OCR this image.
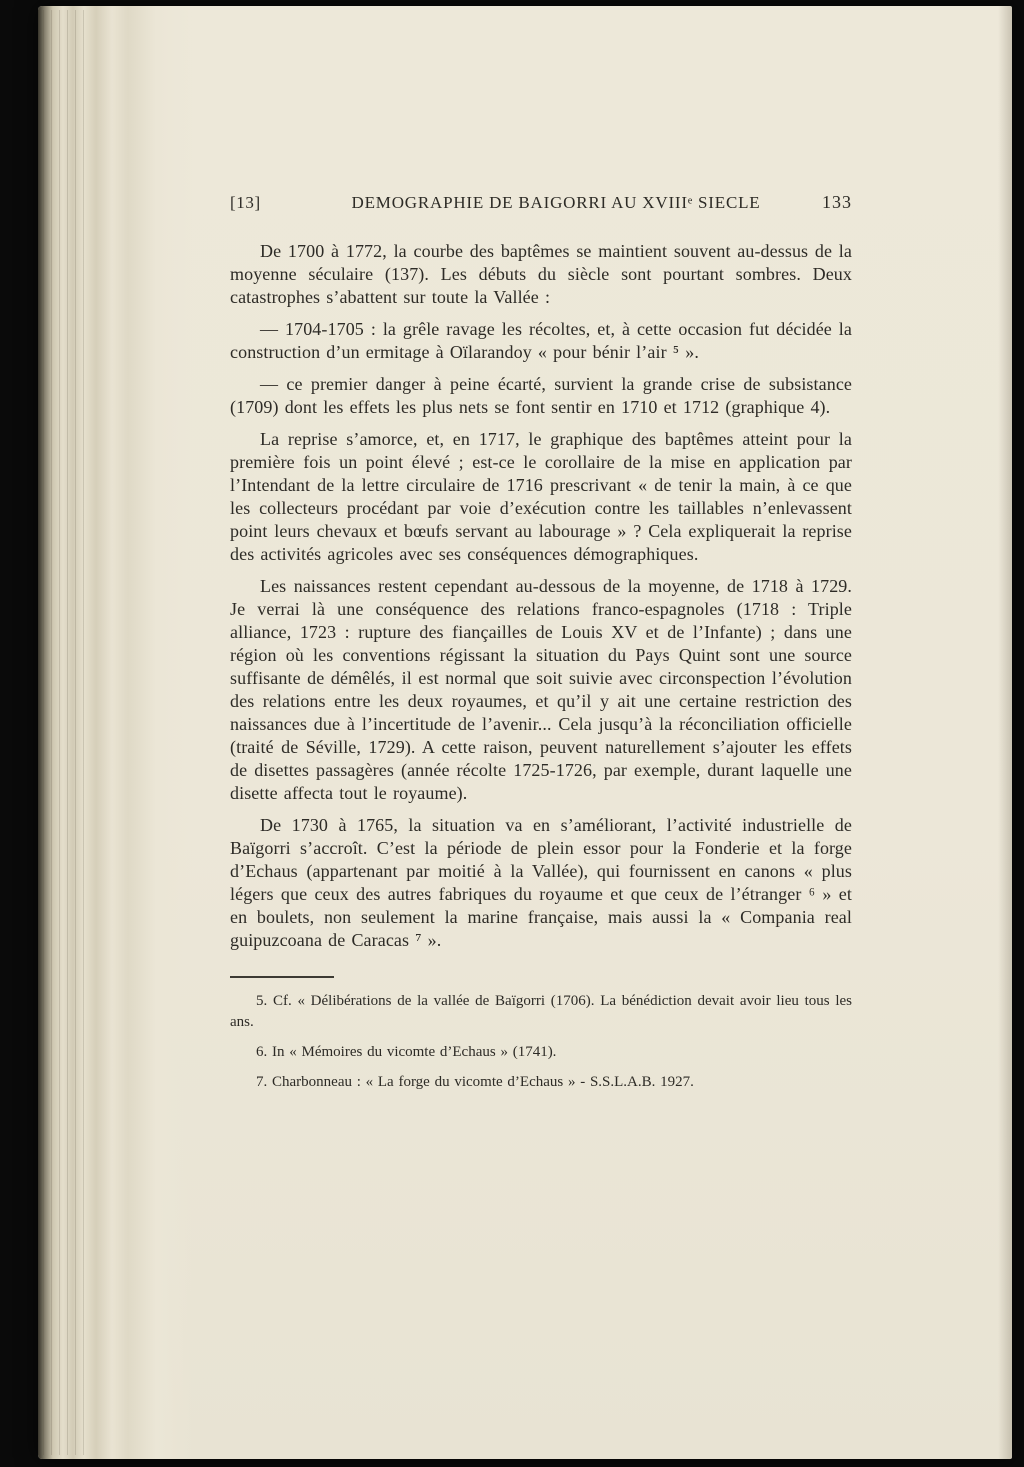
[13]	DEMOGRAPHIE DE BAIGORRI AU XVIIIᵉ SIECLE	133

De 1700 à 1772, la courbe des baptêmes se maintient souvent au-dessus de la moyenne séculaire (137). Les débuts du siècle sont pourtant sombres. Deux catastrophes s’abattent sur toute la Vallée :

— 1704-1705 : la grêle ravage les récoltes, et, à cette occasion fut décidée la construction d’un ermitage à Oïlarandoy « pour bénir l’air ⁵ ».

— ce premier danger à peine écarté, survient la grande crise de subsistance (1709) dont les effets les plus nets se font sentir en 1710 et 1712 (graphique 4).

La reprise s’amorce, et, en 1717, le graphique des baptêmes atteint pour la première fois un point élevé ; est-ce le corollaire de la mise en application par l’Intendant de la lettre circulaire de 1716 prescrivant « de tenir la main, à ce que les collecteurs procédant par voie d’exécution contre les taillables n’enlevassent point leurs chevaux et bœufs servant au labourage » ? Cela expliquerait la reprise des activités agricoles avec ses conséquences démographiques.

Les naissances restent cependant au-dessous de la moyenne, de 1718 à 1729. Je verrai là une conséquence des relations franco-espagnoles (1718 : Triple alliance, 1723 : rupture des fiançailles de Louis XV et de l’Infante) ; dans une région où les conventions régissant la situation du Pays Quint sont une source suffisante de démêlés, il est normal que soit suivie avec circonspection l’évolution des relations entre les deux royaumes, et qu’il y ait une certaine restriction des naissances due à l’incertitude de l’avenir... Cela jusqu’à la réconciliation officielle (traité de Séville, 1729). A cette raison, peuvent naturellement s’ajouter les effets de disettes passagères (année récolte 1725-1726, par exemple, durant laquelle une disette affecta tout le royaume).

De 1730 à 1765, la situation va en s’améliorant, l’activité industrielle de Baïgorri s’accroît. C’est la période de plein essor pour la Fonderie et la forge d’Echaus (appartenant par moitié à la Vallée), qui fournissent en canons « plus légers que ceux des autres fabriques du royaume et que ceux de l’étranger ⁶ » et en boulets, non seulement la marine française, mais aussi la « Compania real guipuzcoana de Caracas ⁷ ».

5. Cf. « Délibérations de la vallée de Baïgorri (1706). La bénédiction devait avoir lieu tous les ans.

6. In « Mémoires du vicomte d’Echaus » (1741).

7. Charbonneau : « La forge du vicomte d’Echaus » - S.S.L.A.B. 1927.
